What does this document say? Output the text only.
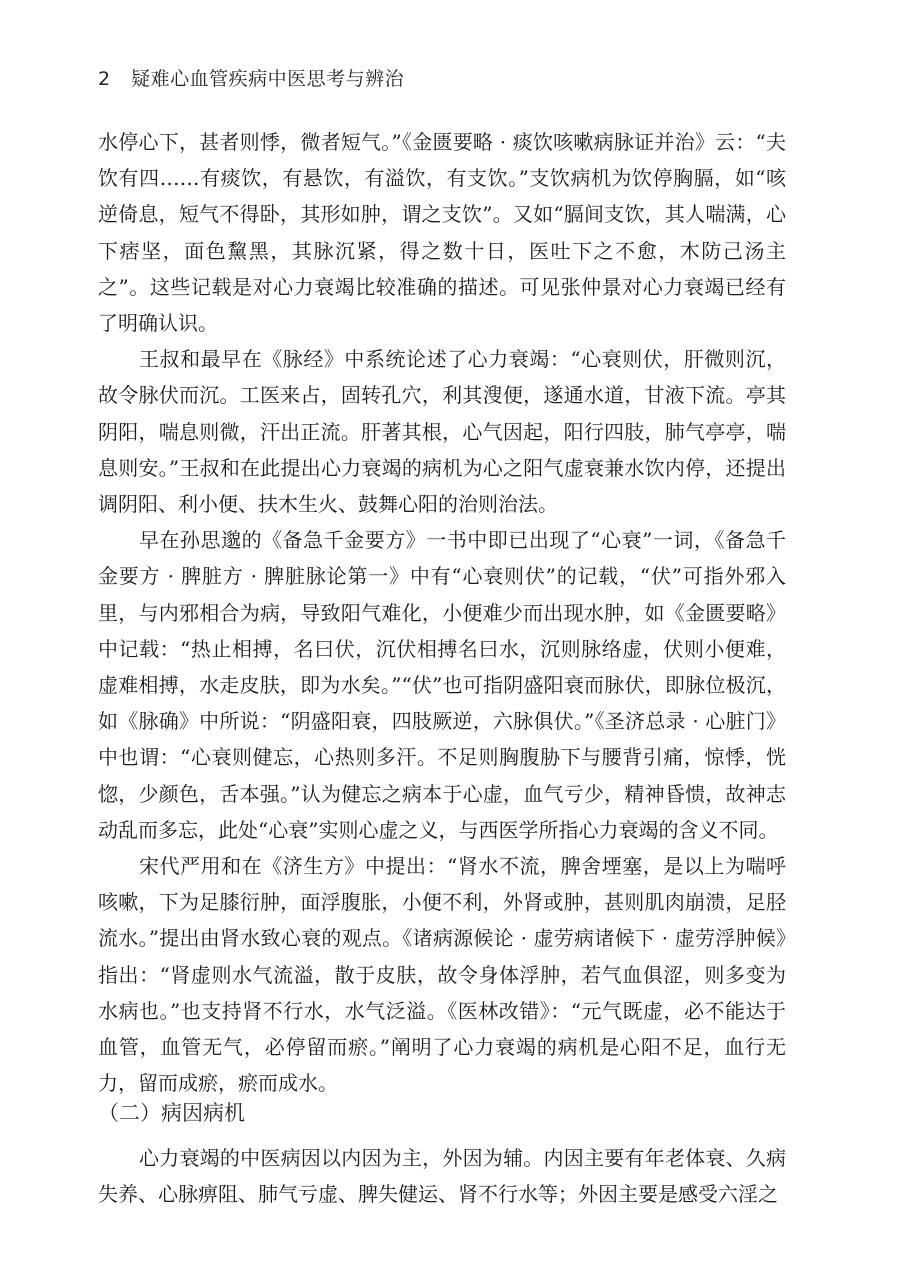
2 疑难心血管疾病中医思考与辨治

水停心下，甚者则悸，微者短气。”《金匮要略 · 痰饮咳嗽病脉证并治》云：“夫饮有四……有痰饮，有悬饮，有溢饮，有支饮。”支饮病机为饮停胸膈，如“咳逆倚息，短气不得卧，其形如肿，谓之支饮”。又如“膈间支饮，其人喘满，心下痞坚，面色黧黑，其脉沉紧，得之数十日，医吐下之不愈，木防己汤主之”。这些记载是对心力衰竭比较准确的描述。可见张仲景对心力衰竭已经有了明确认识。

王叔和最早在《脉经》中系统论述了心力衰竭：“心衰则伏，肝微则沉，故令脉伏而沉。工医来占，固转孔穴，利其溲便，遂通水道，甘液下流。亭其阴阳，喘息则微，汗出正流。肝著其根，心气因起，阳行四肢，肺气亭亭，喘息则安。”王叔和在此提出心力衰竭的病机为心之阳气虚衰兼水饮内停，还提出调阴阳、利小便、扶木生火、鼓舞心阳的治则治法。

早在孙思邈的《备急千金要方》一书中即已出现了“心衰”一词，《备急千金要方 · 脾脏方 · 脾脏脉论第一》中有“心衰则伏”的记载，“伏”可指外邪入里，与内邪相合为病，导致阳气难化，小便难少而出现水肿，如《金匮要略》中记载：“热止相搏，名曰伏，沉伏相搏名曰水，沉则脉络虚，伏则小便难，虚难相搏，水走皮肤，即为水矣。”“伏”也可指阴盛阳衰而脉伏，即脉位极沉，如《脉确》中所说：“阴盛阳衰，四肢厥逆，六脉俱伏。”《圣济总录 · 心脏门》中也谓：“心衰则健忘，心热则多汗。不足则胸腹胁下与腰背引痛，惊悸，恍惚，少颜色，舌本强。”认为健忘之病本于心虚，血气亏少，精神昏愦，故神志动乱而多忘，此处“心衰”实则心虚之义，与西医学所指心力衰竭的含义不同。

宋代严用和在《济生方》中提出：“肾水不流，脾舍堙塞，是以上为喘呼咳嗽，下为足膝衍肿，面浮腹胀，小便不利，外肾或肿，甚则肌肉崩溃，足胫流水。”提出由肾水致心衰的观点。《诸病源候论 · 虚劳病诸候下 · 虚劳浮肿候》指出：“肾虚则水气流溢，散于皮肤，故令身体浮肿，若气血俱涩，则多变为水病也。”也支持肾不行水，水气泛溢。《医林改错》：“元气既虚，必不能达于血管，血管无气，必停留而瘀。”阐明了心力衰竭的病机是心阳不足，血行无力，留而成瘀，瘀而成水。

（二）病因病机

心力衰竭的中医病因以内因为主，外因为辅。内因主要有年老体衰、久病失养、心脉痹阻、肺气亏虚、脾失健运、肾不行水等；外因主要是感受六淫之
